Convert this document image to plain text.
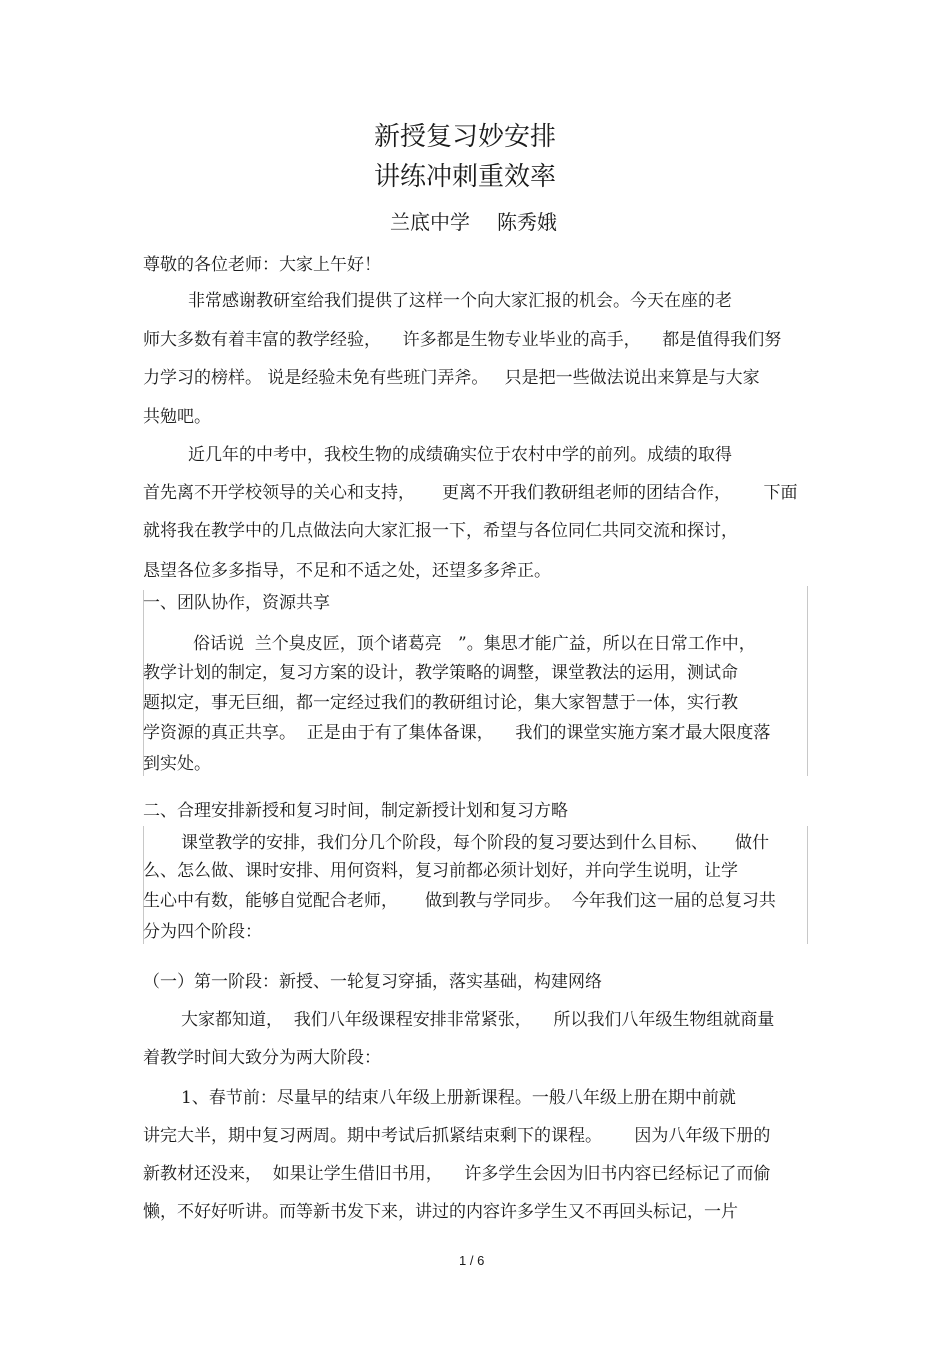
新授复习妙安排
讲练冲刺重效率
兰底中学 陈秀娥
尊敬的各位老师：大家上午好！
非常感谢教研室给我们提供了这样一个向大家汇报的机会。今天在座的老
师大多数有着丰富的教学经验，    许多都是生物专业毕业的高手，    都是值得我们努
力学习的榜样。 说是经验未免有些班门弄斧。   只是把一些做法说出来算是与大家
共勉吧。
近几年的中考中，我校生物的成绩确实位于农村中学的前列。成绩的取得
首先离不开学校领导的关心和支持，     更离不开我们教研组老师的团结合作，      下面
就将我在教学中的几点做法向大家汇报一下，希望与各位同仁共同交流和探讨，
恳望各位多多指导，不足和不适之处，还望多多斧正。
一、团队协作，资源共享
俗话说  兰个臭皮匠，顶个诸葛亮   ”。集思才能广益，所以在日常工作中，
教学计划的制定，复习方案的设计，教学策略的调整，课堂教法的运用，测试命
题拟定，事无巨细，都一定经过我们的教研组讨论，集大家智慧于一体，实行教
学资源的真正共享。  正是由于有了集体备课，    我们的课堂实施方案才最大限度落
到实处。
二、合理安排新授和复习时间，制定新授计划和复习方略
课堂教学的安排，我们分几个阶段，每个阶段的复习要达到什么目标、     做什
么、怎么做、课时安排、用何资料，复习前都必须计划好，并向学生说明，让学
生心中有数，能够自觉配合老师，     做到教与学同步。  今年我们这一届的总复习共
分为四个阶段：
（一）第一阶段：新授、一轮复习穿插，落实基础，构建网络
大家都知道，  我们八年级课程安排非常紧张，    所以我们八年级生物组就商量
着教学时间大致分为两大阶段：
1、春节前：尽量早的结束八年级上册新课程。一般八年级上册在期中前就
讲完大半，期中复习两周。期中考试后抓紧结束剩下的课程。      因为八年级下册的
新教材还没来，  如果让学生借旧书用，    许多学生会因为旧书内容已经标记了而偷
懒，不好好听讲。而等新书发下来，讲过的内容许多学生又不再回头标记，一片
1 / 6
